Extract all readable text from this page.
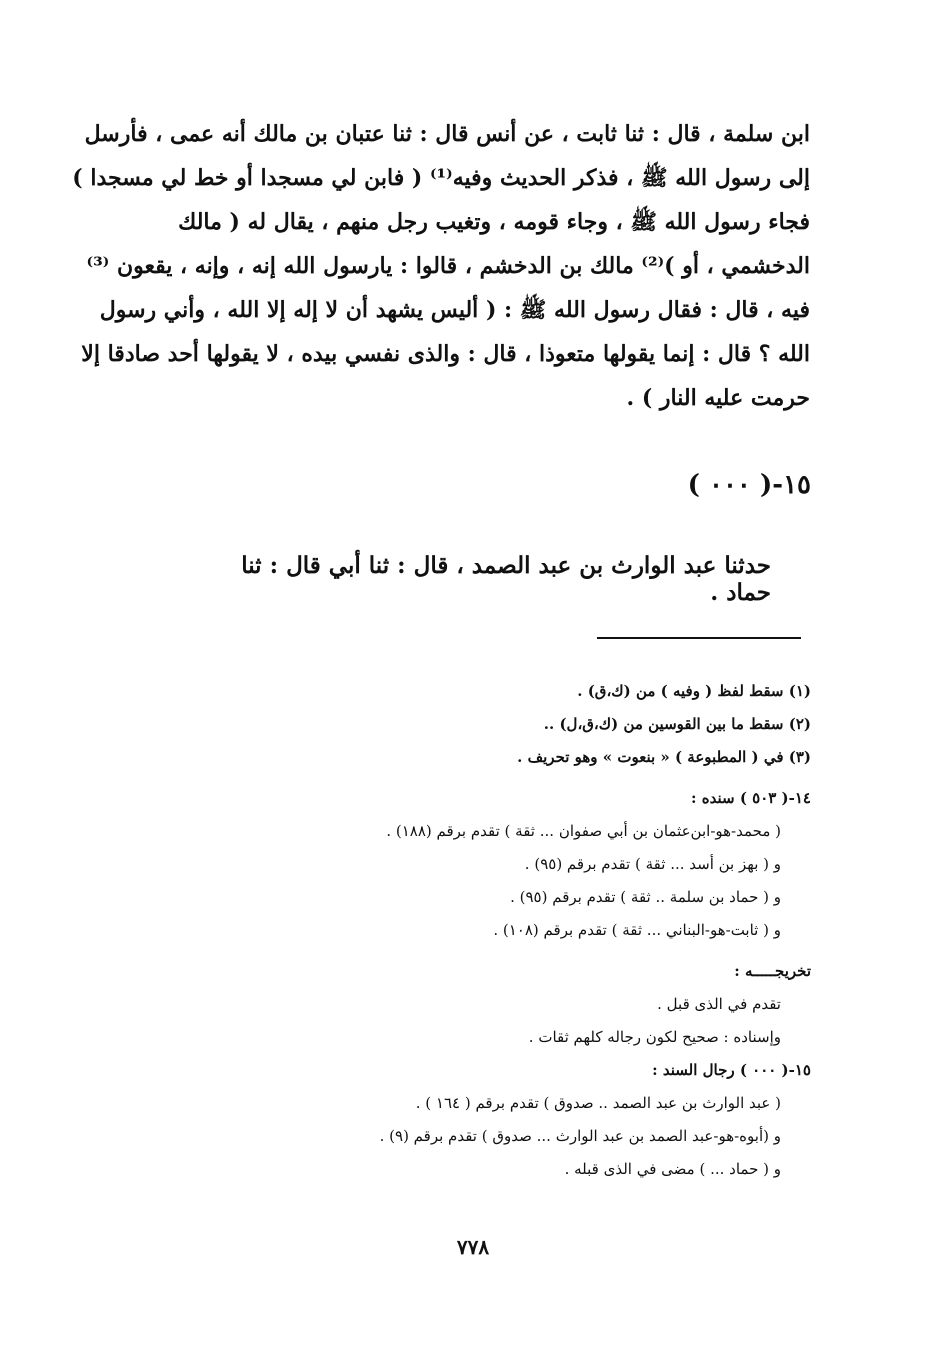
ابن سلمة ، قال : ثنا ثابت ، عن أنس قال : ثنا عتبان بن مالك أنه عمى ، فأرسل
إلى رسول الله ﷺ ، فذكر الحديث وفيه⁽¹⁾ ( فابن لي مسجدا أو خط لي مسجدا )
فجاء رسول الله ﷺ ، وجاء قومه ، وتغيب رجل منهم ، يقال له ( مالك
الدخشمي ، أو )⁽²⁾ مالك بن الدخشم ، قالوا : يارسول الله إنه ، وإنه ، يقعون ⁽³⁾
فيه ، قال : فقال رسول الله ﷺ : ( أليس يشهد أن لا إله إلا الله ، وأني رسول
الله ؟ قال : إنما يقولها متعوذا ، قال : والذى نفسي بيده ، لا يقولها أحد صادقا إلا
حرمت عليه النار ) .
١٥-( ٠٠٠ )
حدثنا عبد الوارث بن عبد الصمد ، قال : ثنا أبي قال : ثنا حماد .
(١) سقط لفظ ( وفيه ) من (ك،ق) .
(٢) سقط ما بين القوسين من (ك،ق،ل) ..
(٣) في ( المطبوعة ) « بنعوت » وهو تحريف .
١٤-( ٥٠٣ ) سنده :
( محمد-هو-ابن‌عثمان بن أبي صفوان ... ثقة ) تقدم برقم (١٨٨) .
و ( بهز بن أسد ... ثقة ) تقدم برقم (٩٥) .
و ( حماد بن سلمة .. ثقة ) تقدم برقم (٩٥) .
و ( ثابت-هو-البناني ... ثقة ) تقدم برقم (١٠٨) .
تخريجـــــه :
تقدم في الذى قبل .
وإسناده : صحيح لكون رجاله كلهم ثقات .
١٥-( ٠٠٠ ) رجال السند :
( عبد الوارث بن عبد الصمد .. صدوق ) تقدم برقم ( ١٦٤ ) .
و (أبوه-هو-عبد الصمد بن عبد الوارث ... صدوق ) تقدم برقم (٩) .
و ( حماد ... ) مضى في الذى قبله .
٧٧٨
